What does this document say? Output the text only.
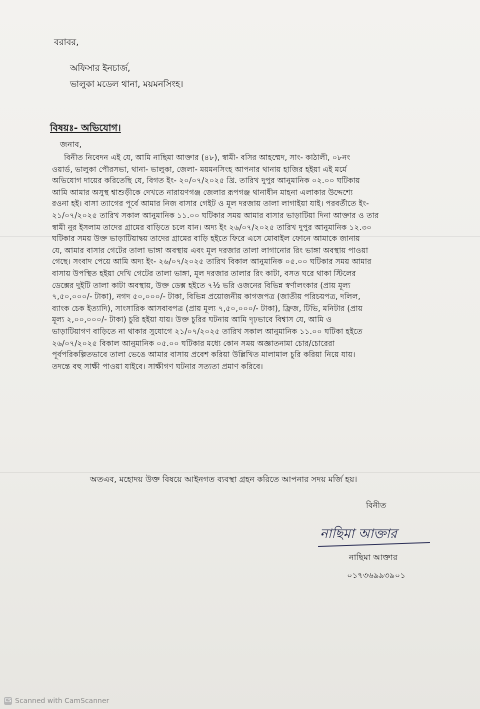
বরাবর,
অফিসার ইনচার্জ,
ভালুকা মডেল থানা, ময়মনসিংহ।
বিষয়ঃ- অভিযোগ।
জনাব,
বিনীত নিবেদন এই যে, আমি নাছিমা আক্তার (৪৮), স্বামী- বসির আহম্মেদ, সাং- কাঠালী, ০৮নং
ওয়ার্ড, ভালুকা পৌরসভা, থানা- ভালুকা, জেলা- ময়মনসিংহ আপনার থানায় হাজির হইয়া এই মর্মে
অভিযোগ দায়ের করিতেছি যে, বিগত ইং- ২০/০৭/২০২৫ খ্রি. তারিখ দুপুর আনুমানিক ০২.০০ ঘটিকায়
আমি আমার অসুস্থ শ্বাশুড়ীকে দেখতে নারায়ণগঞ্জ জেলার রূপগঞ্জ থানাধীন মাহনা এলাকার উদ্দেশ্যে
রওনা হই। বাসা ত্যাগের পূর্বে আমার নিজ বাসার গেইট ও মূল দরজায় তালা লাগাইয়া যাই। পরবর্তীতে ইং-
২১/০৭/২০২৫ তারিখ সকাল আনুমানিক ১১.০০ ঘটিকার সময় আমার বাসার ভাড়াটিয়া দিনা আক্তার ও তার
স্বামী নুর ইসলাম তাদের গ্রামের বাড়িতে চলে যান। অদ্য ইং ২৬/০৭/২০২৫ তারিখ দুপুর আনুমানিক ১২.৩০
ঘটিকার সময় উক্ত ভাড়াটিয়াদ্বয় তাদের গ্রামের বাড়ি হইতে ফিরে এসে মোবাইল ফোনে আমাকে জানায়
যে, আমার বাসার গেটের তালা ভাঙ্গা অবস্থায় এবং মূল দরজার তালা লাগানোর রিং ভাঙ্গা অবস্থায় পাওয়া
গেছে। সংবাদ পেয়ে আমি অদ্য ইং- ২৬/০৭/২০২৫ তারিখ বিকাল আনুমানিক ০৫.০০ ঘটিকার সময় আমার
বাসায় উপস্থিত হইয়া দেখি গেটের তালা ভাঙ্গা, মূল দরজার তালার রিং কাটা, বসত ঘরে থাকা স্টিলের
ডেক্সের দুইটি তালা কাটা অবস্থায়, উক্ত ডেক্স হইতে ৭½ ভরি ওজনের বিভিন্ন স্বর্ণালংকার (প্রায় মূল্য
৭,৫০,০০০/- টাকা), নগদ ৫০,০০০/- টাকা, বিভিন্ন প্রয়োজনীয় কাগজপত্র (জাতীয় পরিচয়পত্র, দলিল,
ব্যাংক চেক ইত্যাদি), সাংসারিক আসবাবপত্র (প্রায় মূল্য ৭,৫০,০০০/- টাকা), ফ্রিজ, টিভি, মনিটার (প্রায়
মূল্য ২,০০,০০০/- টাকা) চুরি হইয়া যায়। উক্ত চুরির ঘটনায় আমি দৃঢ়ভাবে বিশ্বাস যে, আমি ও
ভাড়াটিয়াগণ বাড়িতে না থাকার সুযোগে ২১/০৭/২০২৫ তারিখ সকাল আনুমানিক ১১.০০ ঘটিকা হইতে
২৬/০৭/২০২৫ বিকাল আনুমানিক ০৫.০০ ঘটিকার মধ্যে কোন সময় অজ্ঞাতনামা চোর/চোরেরা
পূর্বপরিকল্পিতভাবে তালা ভেঙে আমার বাসায় প্রবেশ করিয়া উল্লিখিত মালামাল চুরি করিয়া নিয়ে যায়।
তদন্তে বহু সাক্ষী পাওয়া যাইবে। সাক্ষীগণ ঘটনার সত্যতা প্রমাণ করিবে।
অতএব, মহোদয় উক্ত বিষয়ে আইনগত ব্যবস্থা গ্রহন করিতে আপনার সদয় মর্জি হয়।
বিনীত
নাছিমা আক্তার
নাছিমা আক্তার
০১৭৩৬৯৯৩৯০১
CS Scanned with CamScanner
